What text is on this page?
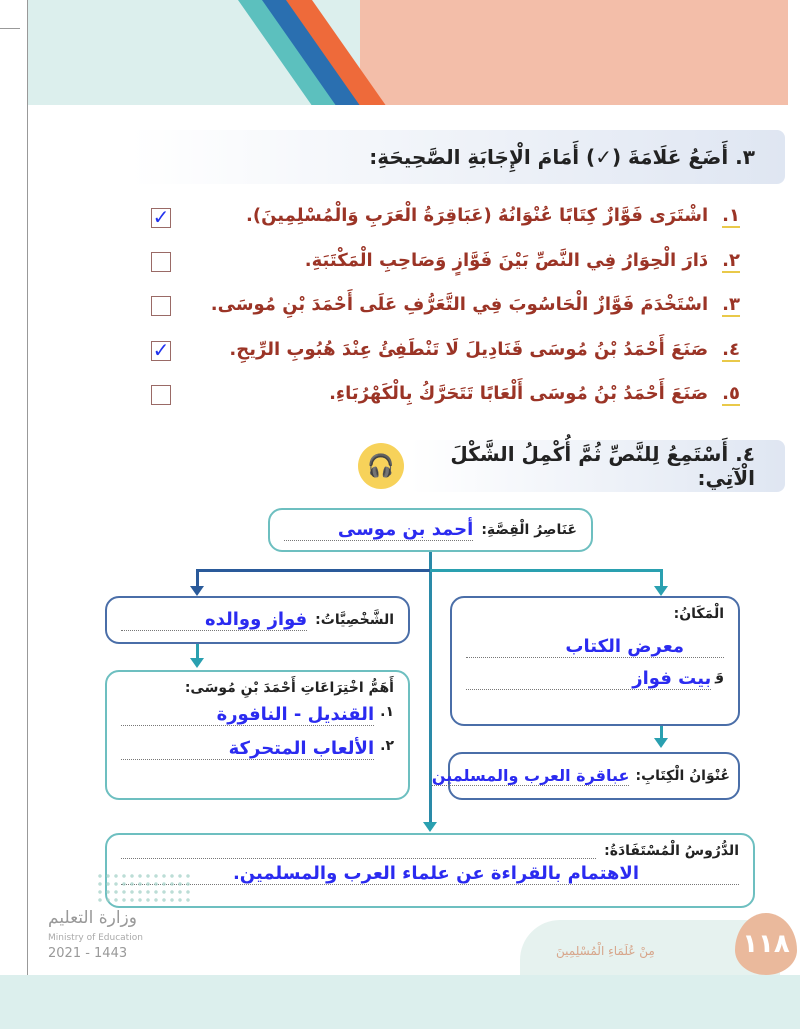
٣. أَضَعُ عَلَامَةَ (✓) أَمَامَ الْإِجَابَةِ الصَّحِيحَةِ:
١.اشْتَرَى فَوَّازٌ كِتَابًا عُنْوَانُهُ (عَبَاقِرَةُ الْعَرَبِ وَالْمُسْلِمِينَ).
✓
٢.دَارَ الْحِوَارُ فِي النَّصِّ بَيْنَ فَوَّازٍ وَصَاحِبِ الْمَكْتَبَةِ.
٣.اسْتَخْدَمَ فَوَّازٌ الْحَاسُوبَ فِي التَّعَرُّفِ عَلَى أَحْمَدَ بْنِ مُوسَى.
٤.صَنَعَ أَحْمَدُ بْنُ مُوسَى قَنَادِيلَ لَا تَنْطَفِئُ عِنْدَ هُبُوبِ الرِّيحِ.
✓
٥.صَنَعَ أَحْمَدُ بْنُ مُوسَى أَلْعَابًا تَتَحَرَّكُ بِالْكَهْرُبَاءِ.
٤. أَسْتَمِعُ لِلنَّصِّ ثُمَّ أُكْمِلُ الشَّكْلَ الْآتِي:
🎧
عَنَاصِرُ الْقِصَّةِ:
أحمد بن موسى
الشَّخْصِيَّاتُ:
فواز ووالده	الْمَكَانُ:
معرض الكتاب
وَ
بيت فواز
أَهَمُّ اخْتِرَاعَاتِ أَحْمَدَ بْنِ مُوسَى:
١.
القنديل - النافورة
٢.
الألعاب المتحركة
عُنْوَانُ الْكِتَابِ:
عباقرة العرب والمسلمين
الدُّرُوسُ الْمُسْتَفَادَةُ:
الاهتمام بالقراءة عن علماء العرب والمسلمين.
وزارة التعليم
Ministry of Education
2021 - 1443	مِنْ عُلَمَاءِ الْمُسْلِمِينَ	١١٨
